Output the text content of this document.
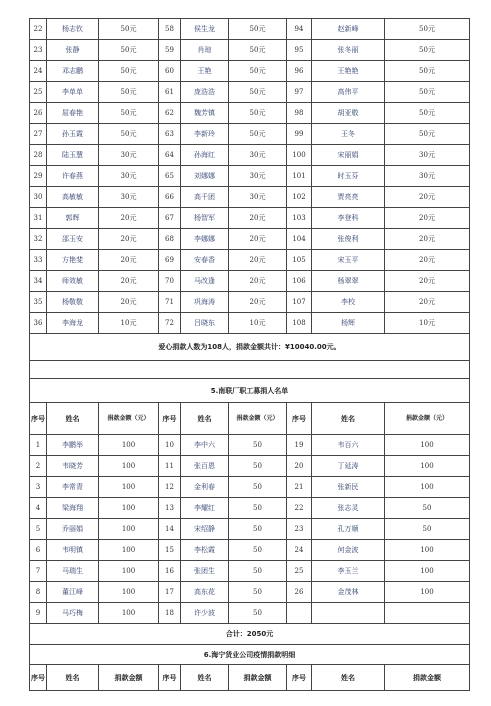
22	杨志钦	50元	58	侯生龙	50元	94	赵新峰	50元
23	张静	50元	59	肖琼	50元	95	张冬丽	50元
24	邓志鹏	50元	60	王艳	50元	96	王艳艳	50元
25	李单单	50元	61	庞浩浩	50元	97	高伟平	50元
26	屈春艳	50元	62	魏芳镇	50元	98	胡亚敬	50元
27	孙玉霞	50元	63	李新玲	50元	99	王冬	50元
28	陆玉慧	30元	64	孙海红	30元	100	宋丽娟	30元
29	许春燕	30元	65	刘娜娜	30元	101	时玉芬	30元
30	高敏敏	30元	66	高千团	30元	102	贾亮亮	20元
31	郭辉	20元	67	杨智军	20元	103	李登科	20元
32	邵玉安	20元	68	李娜娜	20元	104	张俊利	20元
33	方艳斐	20元	69	安春香	20元	105	宋玉平	20元
34	师效敏	20元	70	马改逢	20元	106	杨翠翠	20元
35	杨敬敬	20元	71	巩海涛	20元	107	李校	20元
36	李海龙	10元	72	吕晓东	10元	108	杨辉	10元
爱心捐款人数为108人，捐款金额共计：¥10040.00元。								

5.南联厂职工募捐人名单								
序号	姓名	捐款金额（元）	序号	姓名	捐款金额（元）	序号	姓名	捐款金额（元）
1	李鹏举	100	10	李中六	50	19	韦百六	100
2	韦晓芳	100	11	张百恩	50	20	丁延涛	100
3	李常青	100	12	金利春	50	21	张新民	100
4	梁海翔	100	13	李耀红	50	22	张志灵	50
5	乔丽娟	100	14	宋绍静	50	23	孔万顺	50
6	韦明镇	100	15	李松霞	50	24	何金波	100
7	马瑞生	100	16	张团生	50	25	李玉兰	100
8	董江峰	100	17	高东花	50	26	金茂林	100
9	马巧梅	100	18	许少波	50			
合计：2050元								
6.海宁货业公司疫情捐款明细								
序号	姓名	捐款金额	序号	姓名	捐款金额	序号	姓名	捐款金额
